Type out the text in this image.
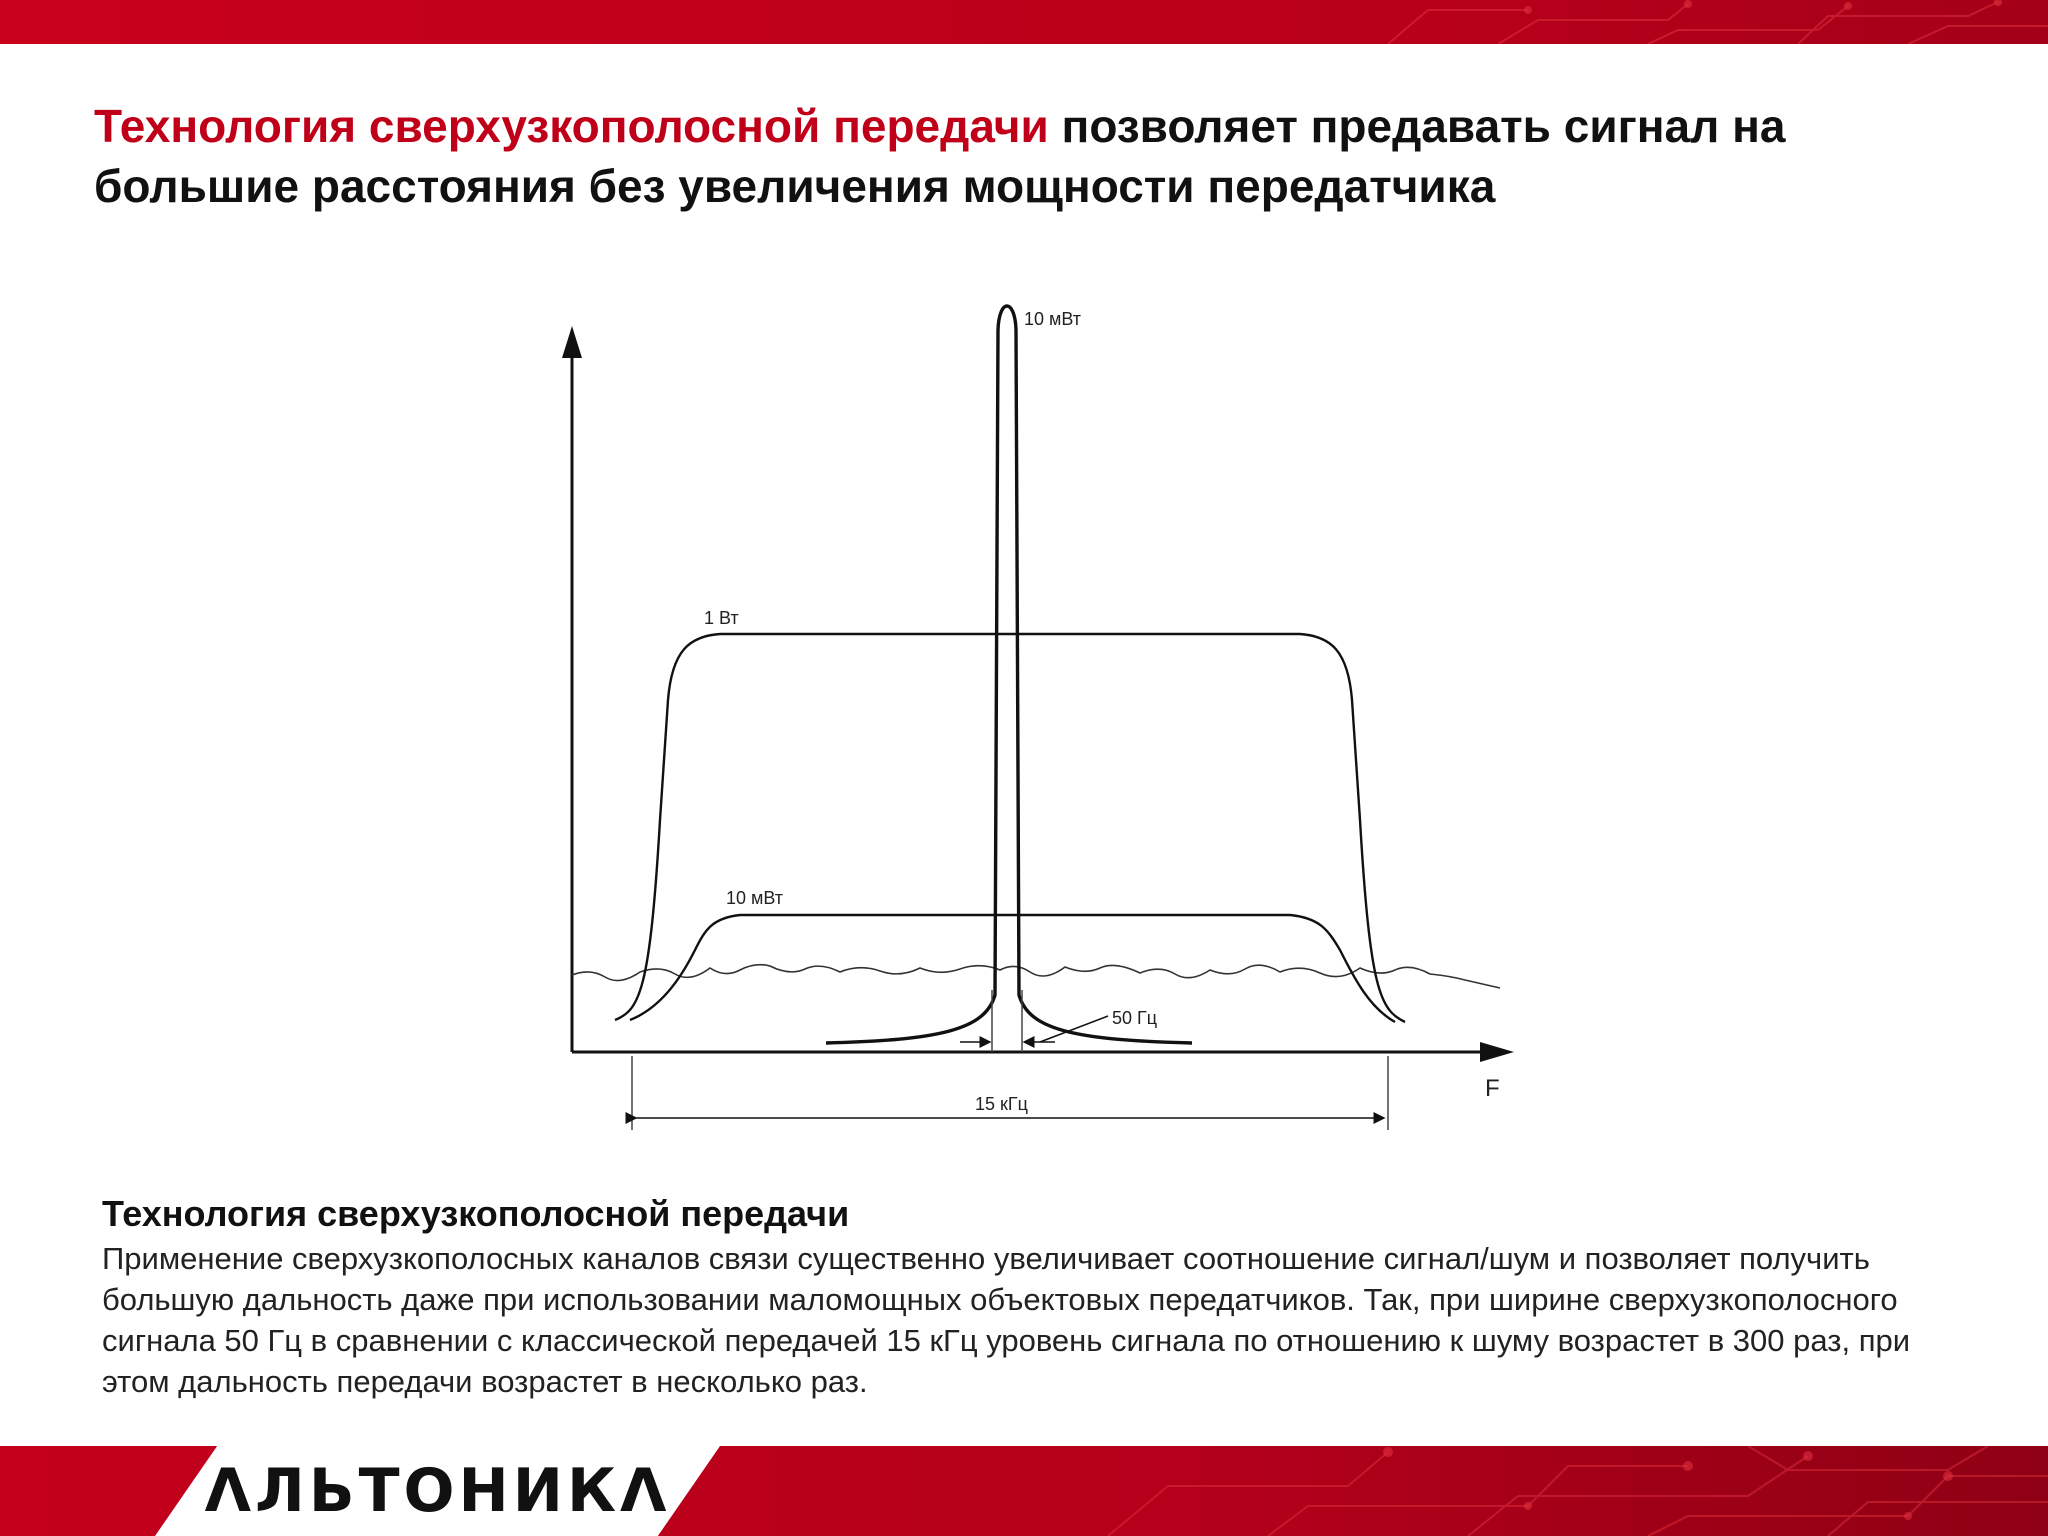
Технология сверхузкополосной передачи позволяет предавать сигнал на большие расстояния без увеличения мощности передатчика
F
50 Гц
15 кГц
10 мВт
1 Вт
10 мВт
Технология сверхузкополосной передачи

Применение сверхузкополосных каналов связи существенно увеличивает соотношение сигнал/шум и позволяет получить большую дальность даже при использовании маломощных объектовых передатчиков. Так, при ширине сверхузкополосного сигнала 50 Гц в сравнении с классической передачей 15 кГц уровень сигнала по отношению к шуму возрастет в 300 раз, при этом дальность передачи возрастет в несколько раз.

ΛЛЬТОНИКΛ
